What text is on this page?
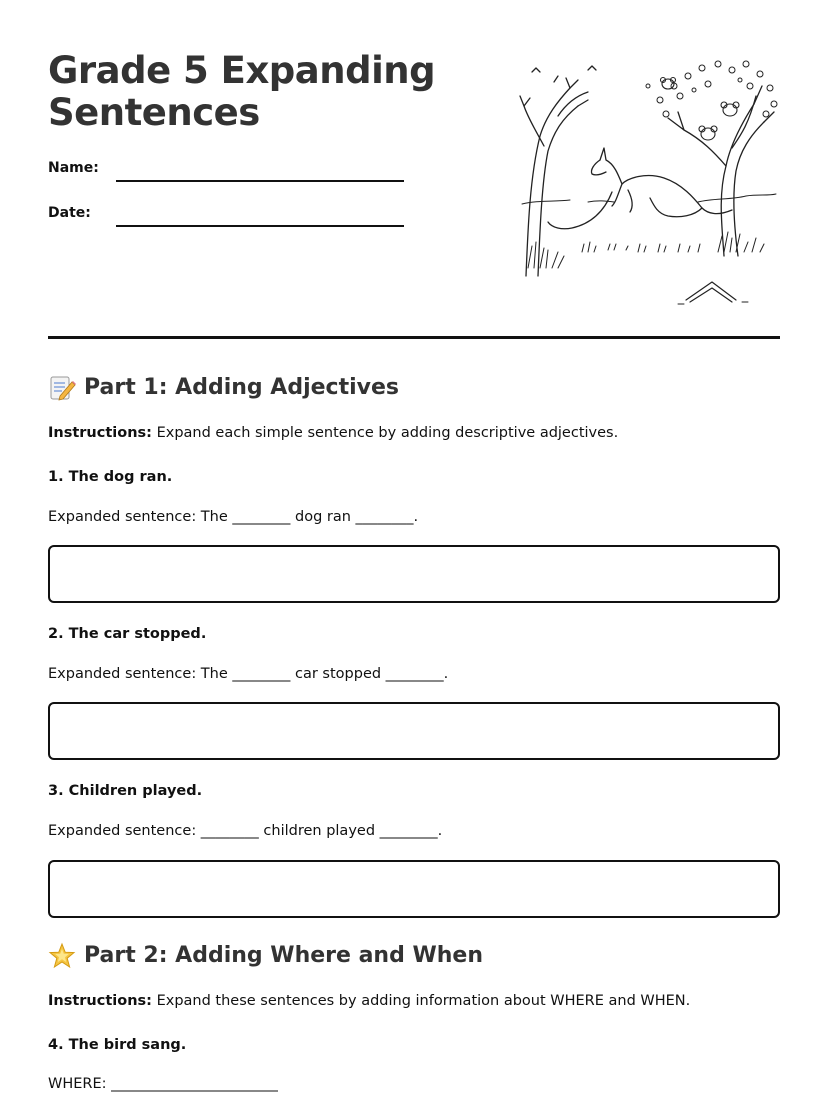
Grade 5 Expanding Sentences
Name:
Date:
Part 1: Adding Adjectives
Instructions: Expand each simple sentence by adding descriptive adjectives.
1. The dog ran.
Expanded sentence: The ________ dog ran ________.
2. The car stopped.
Expanded sentence: The ________ car stopped ________.
3. Children played.
Expanded sentence: ________ children played ________.
Part 2: Adding Where and When
Instructions: Expand these sentences by adding information about WHERE and WHEN.
4. The bird sang.
WHERE: _______________________
